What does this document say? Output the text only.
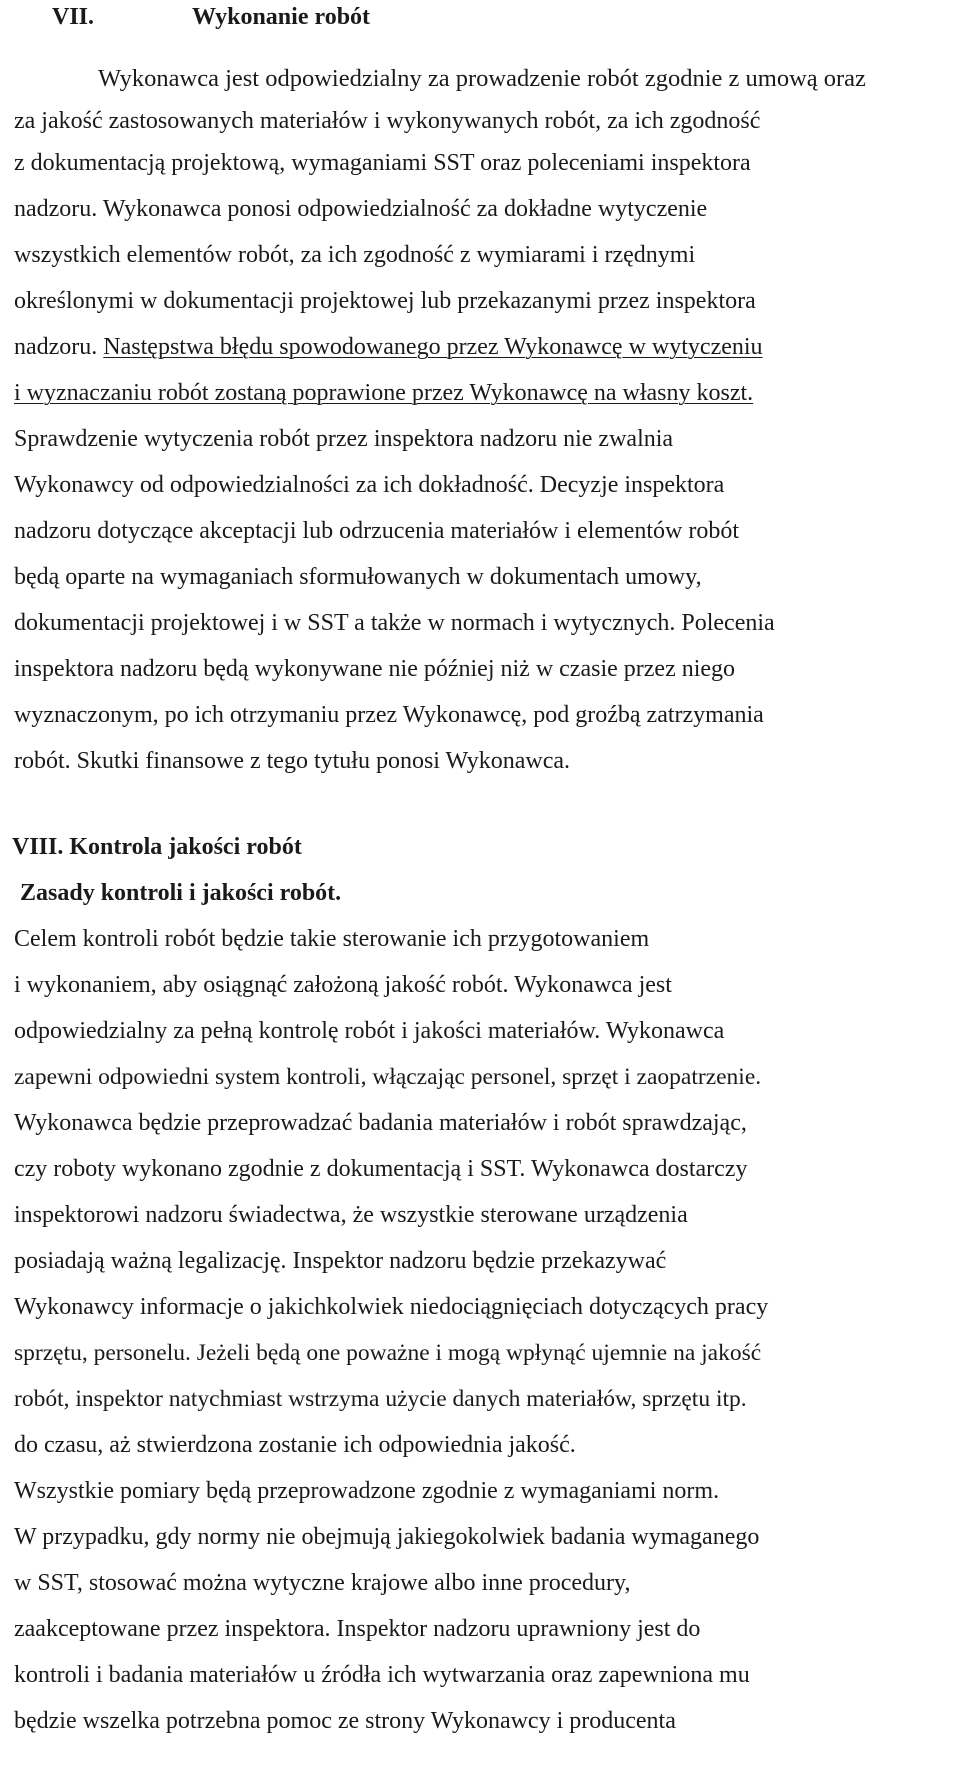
VII.	Wykonanie robót
Wykonawca jest odpowiedzialny za prowadzenie robót zgodnie z umową oraz
za jakość zastosowanych materiałów i wykonywanych robót, za ich zgodność
z dokumentacją projektową, wymaganiami SST oraz poleceniami inspektora
nadzoru. Wykonawca ponosi odpowiedzialność za dokładne wytyczenie
wszystkich elementów robót, za ich zgodność z wymiarami i rzędnymi
określonymi w dokumentacji projektowej lub przekazanymi przez inspektora
nadzoru. Następstwa błędu spowodowanego przez Wykonawcę w wytyczeniu
i wyznaczaniu robót zostaną poprawione przez Wykonawcę na własny koszt.
Sprawdzenie wytyczenia robót przez inspektora nadzoru nie zwalnia
Wykonawcy od odpowiedzialności za ich dokładność. Decyzje inspektora
nadzoru dotyczące akceptacji lub odrzucenia materiałów i elementów robót
będą oparte na wymaganiach sformułowanych w dokumentach umowy,
dokumentacji projektowej i w SST a także w normach i wytycznych. Polecenia
inspektora nadzoru będą wykonywane nie później niż w czasie przez niego
wyznaczonym, po ich otrzymaniu przez Wykonawcę, pod groźbą zatrzymania
robót. Skutki finansowe z tego tytułu ponosi Wykonawca.
VIII. Kontrola jakości robót
Zasady kontroli i jakości robót.
Celem kontroli robót będzie takie sterowanie ich przygotowaniem
i wykonaniem, aby osiągnąć założoną jakość robót. Wykonawca jest
odpowiedzialny za pełną kontrolę robót i jakości materiałów. Wykonawca
zapewni odpowiedni system kontroli, włączając personel, sprzęt i zaopatrzenie.
Wykonawca będzie przeprowadzać badania materiałów i robót sprawdzając,
czy roboty wykonano zgodnie z dokumentacją i SST. Wykonawca dostarczy
inspektorowi nadzoru świadectwa, że wszystkie sterowane urządzenia
posiadają ważną legalizację. Inspektor nadzoru będzie przekazywać
Wykonawcy informacje o jakichkolwiek niedociągnięciach dotyczących pracy
sprzętu, personelu. Jeżeli będą one poważne i mogą wpłynąć ujemnie na jakość
robót, inspektor natychmiast wstrzyma użycie danych materiałów, sprzętu itp.
do czasu, aż stwierdzona zostanie ich odpowiednia jakość.
Wszystkie pomiary będą przeprowadzone zgodnie z wymaganiami norm.
W przypadku, gdy normy nie obejmują jakiegokolwiek badania wymaganego
w SST, stosować można wytyczne krajowe albo inne procedury,
zaakceptowane przez inspektora. Inspektor nadzoru uprawniony jest do
kontroli i badania materiałów u źródła ich wytwarzania oraz zapewniona mu
będzie wszelka potrzebna pomoc ze strony Wykonawcy i producenta
